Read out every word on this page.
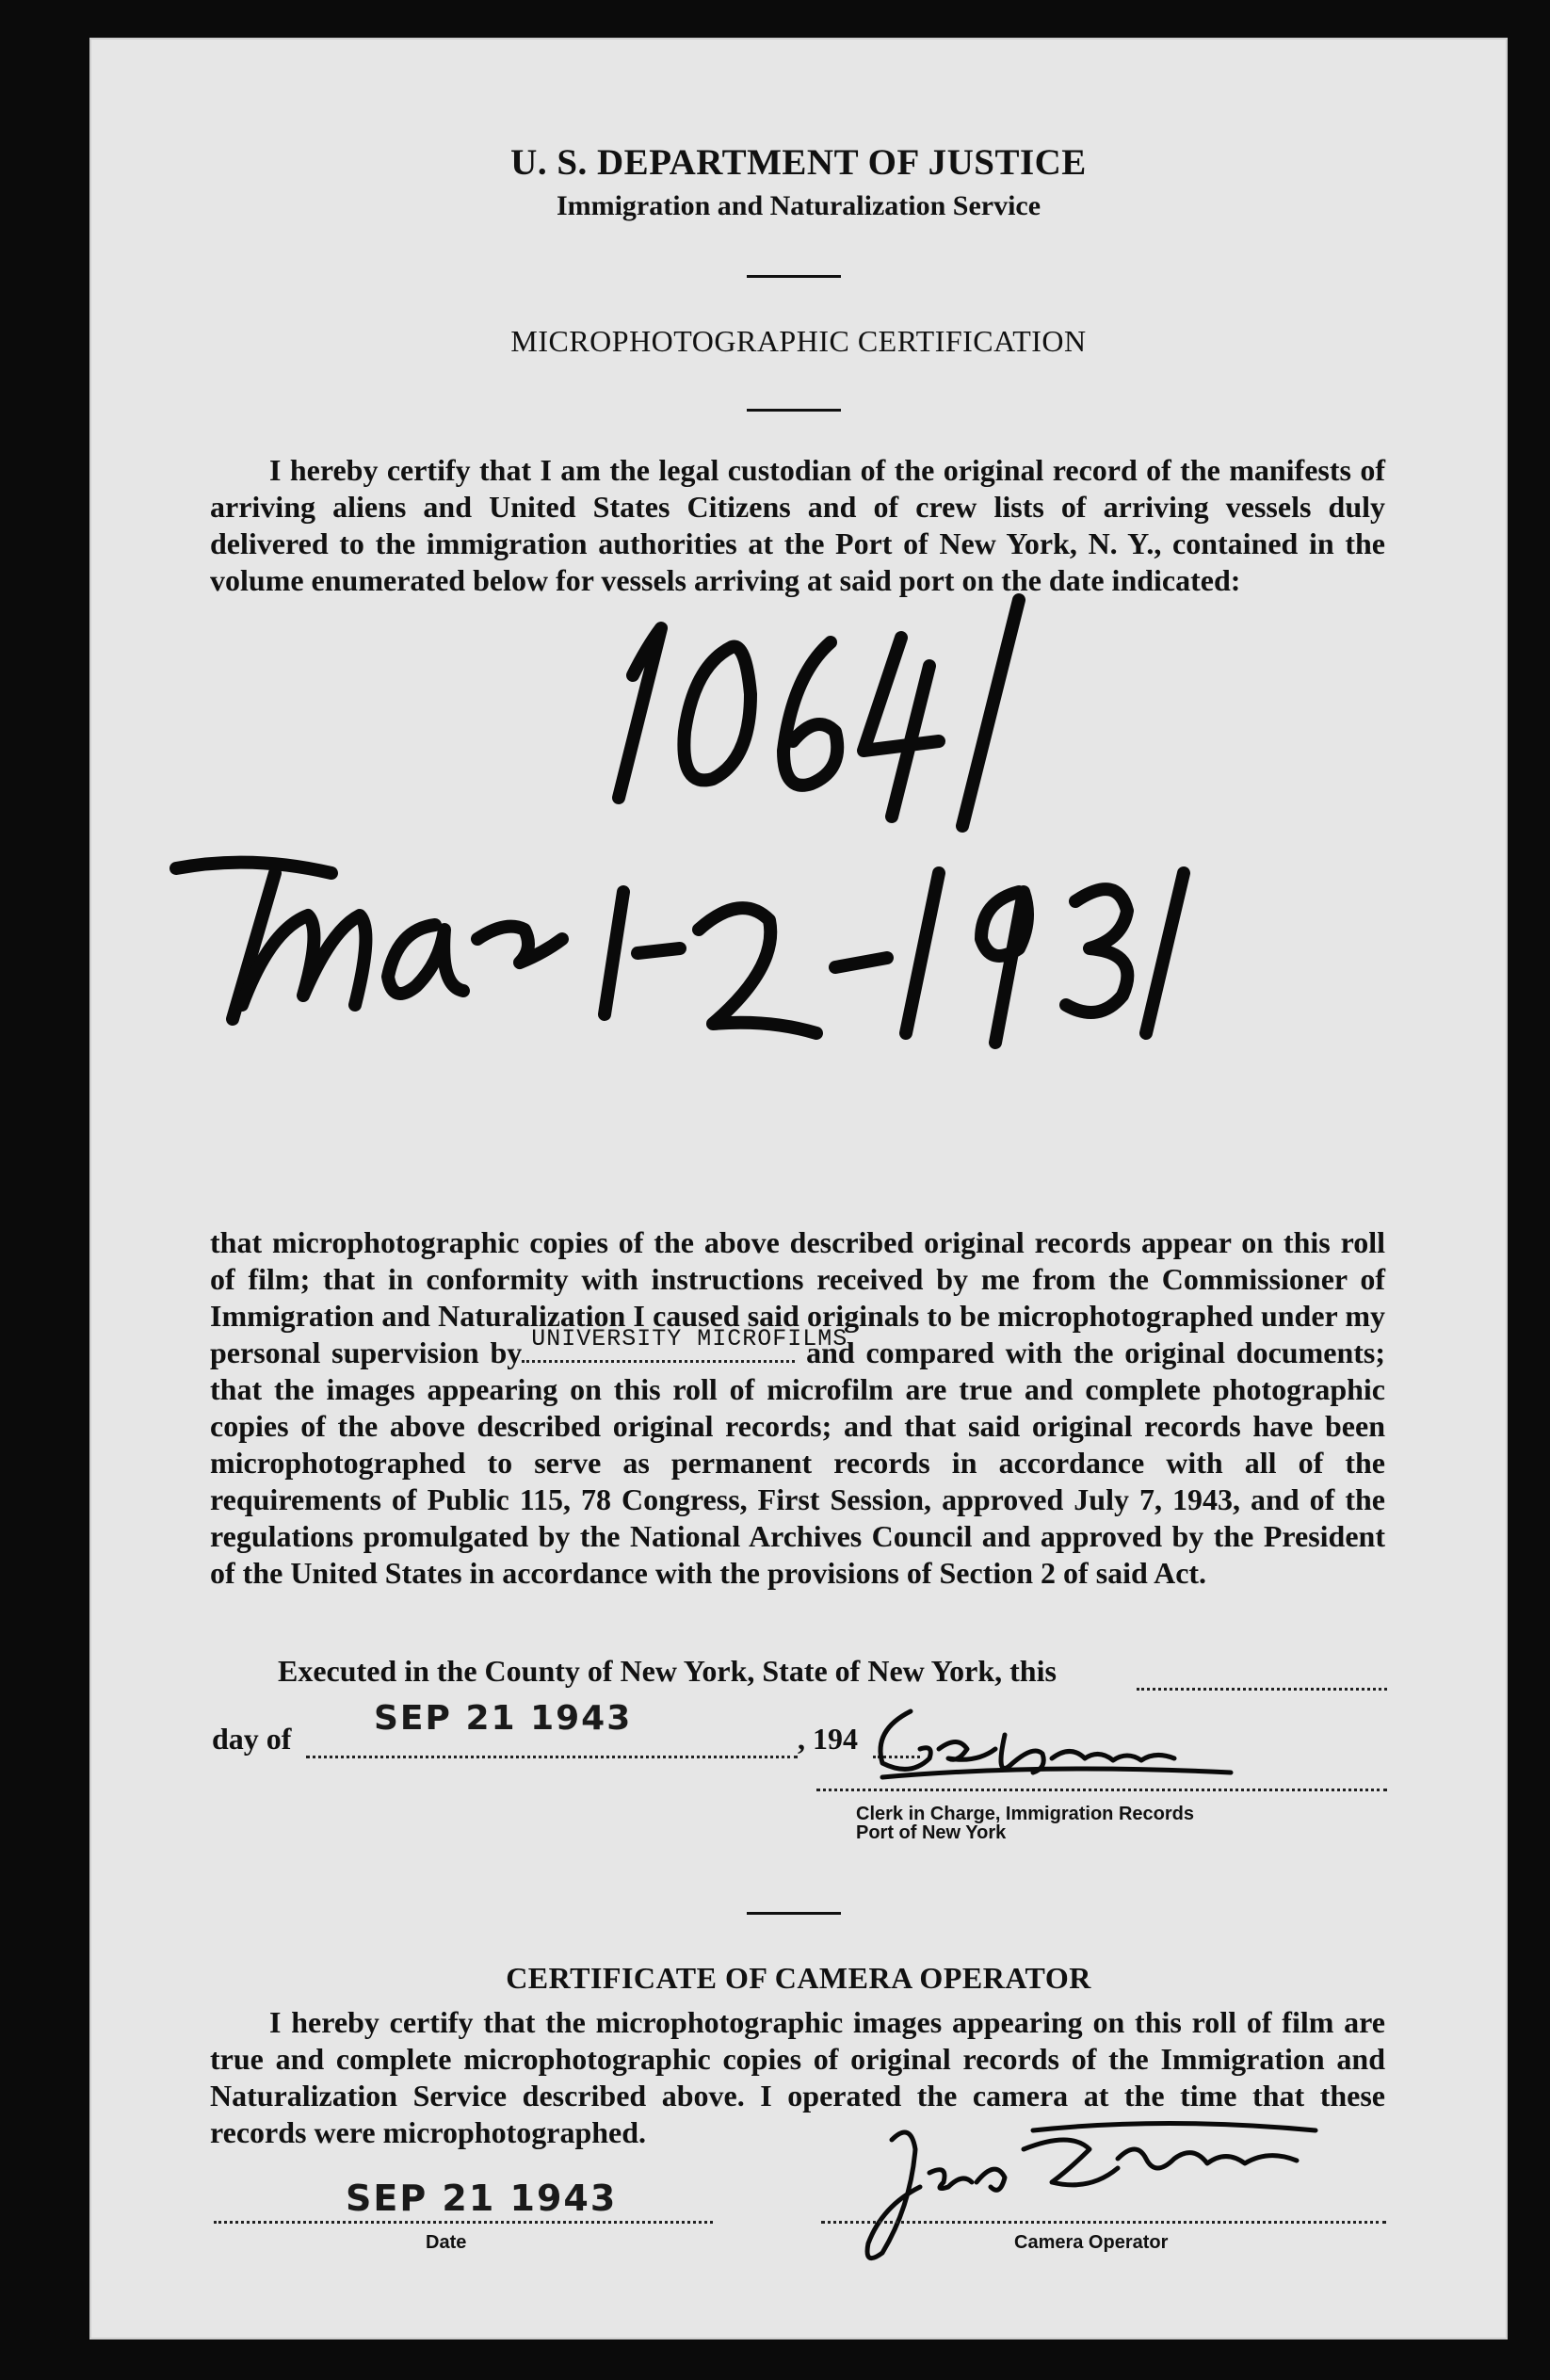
U. S. DEPARTMENT OF JUSTICE
Immigration and Naturalization Service
MICROPHOTOGRAPHIC CERTIFICATION
I hereby certify that I am the legal custodian of the original record of the manifests of arriving aliens and United States Citizens and of crew lists of arriving vessels duly delivered to the immigration authorities at the Port of New York, N. Y., contained in the volume enumerated below for vessels arriving at said port on the date indicated:
that microphotographic copies of the above described original records appear on this roll of film; that in conformity with instructions received by me from the Commissioner of Immigration and Naturalization I caused said originals to be microphotographed under my personal supervision by UNIVERSITY MICROFILMS
and compared with the original documents; that the images appearing on this roll of microfilm are true and complete photographic copies of the above described original records; and that said original records have been microphotographed to serve as permanent records in accordance with all of the requirements of Public 115, 78 Congress, First Session, approved July 7, 1943, and of the regulations promulgated by the National Archives Council and approved by the President of the United States in accordance with the provisions of Section 2 of said Act.
Executed in the County of New York, State of New York, this
day of
SEP 21 1943
, 194
Clerk in Charge, Immigration Records
Port of New York
CERTIFICATE OF CAMERA OPERATOR
I hereby certify that the microphotographic images appearing on this roll of film are true and complete microphotographic copies of original records of the Immigration and Naturalization Service described above. I operated the camera at the time that these records were microphotographed.
SEP 21 1943
Date	Camera Operator
